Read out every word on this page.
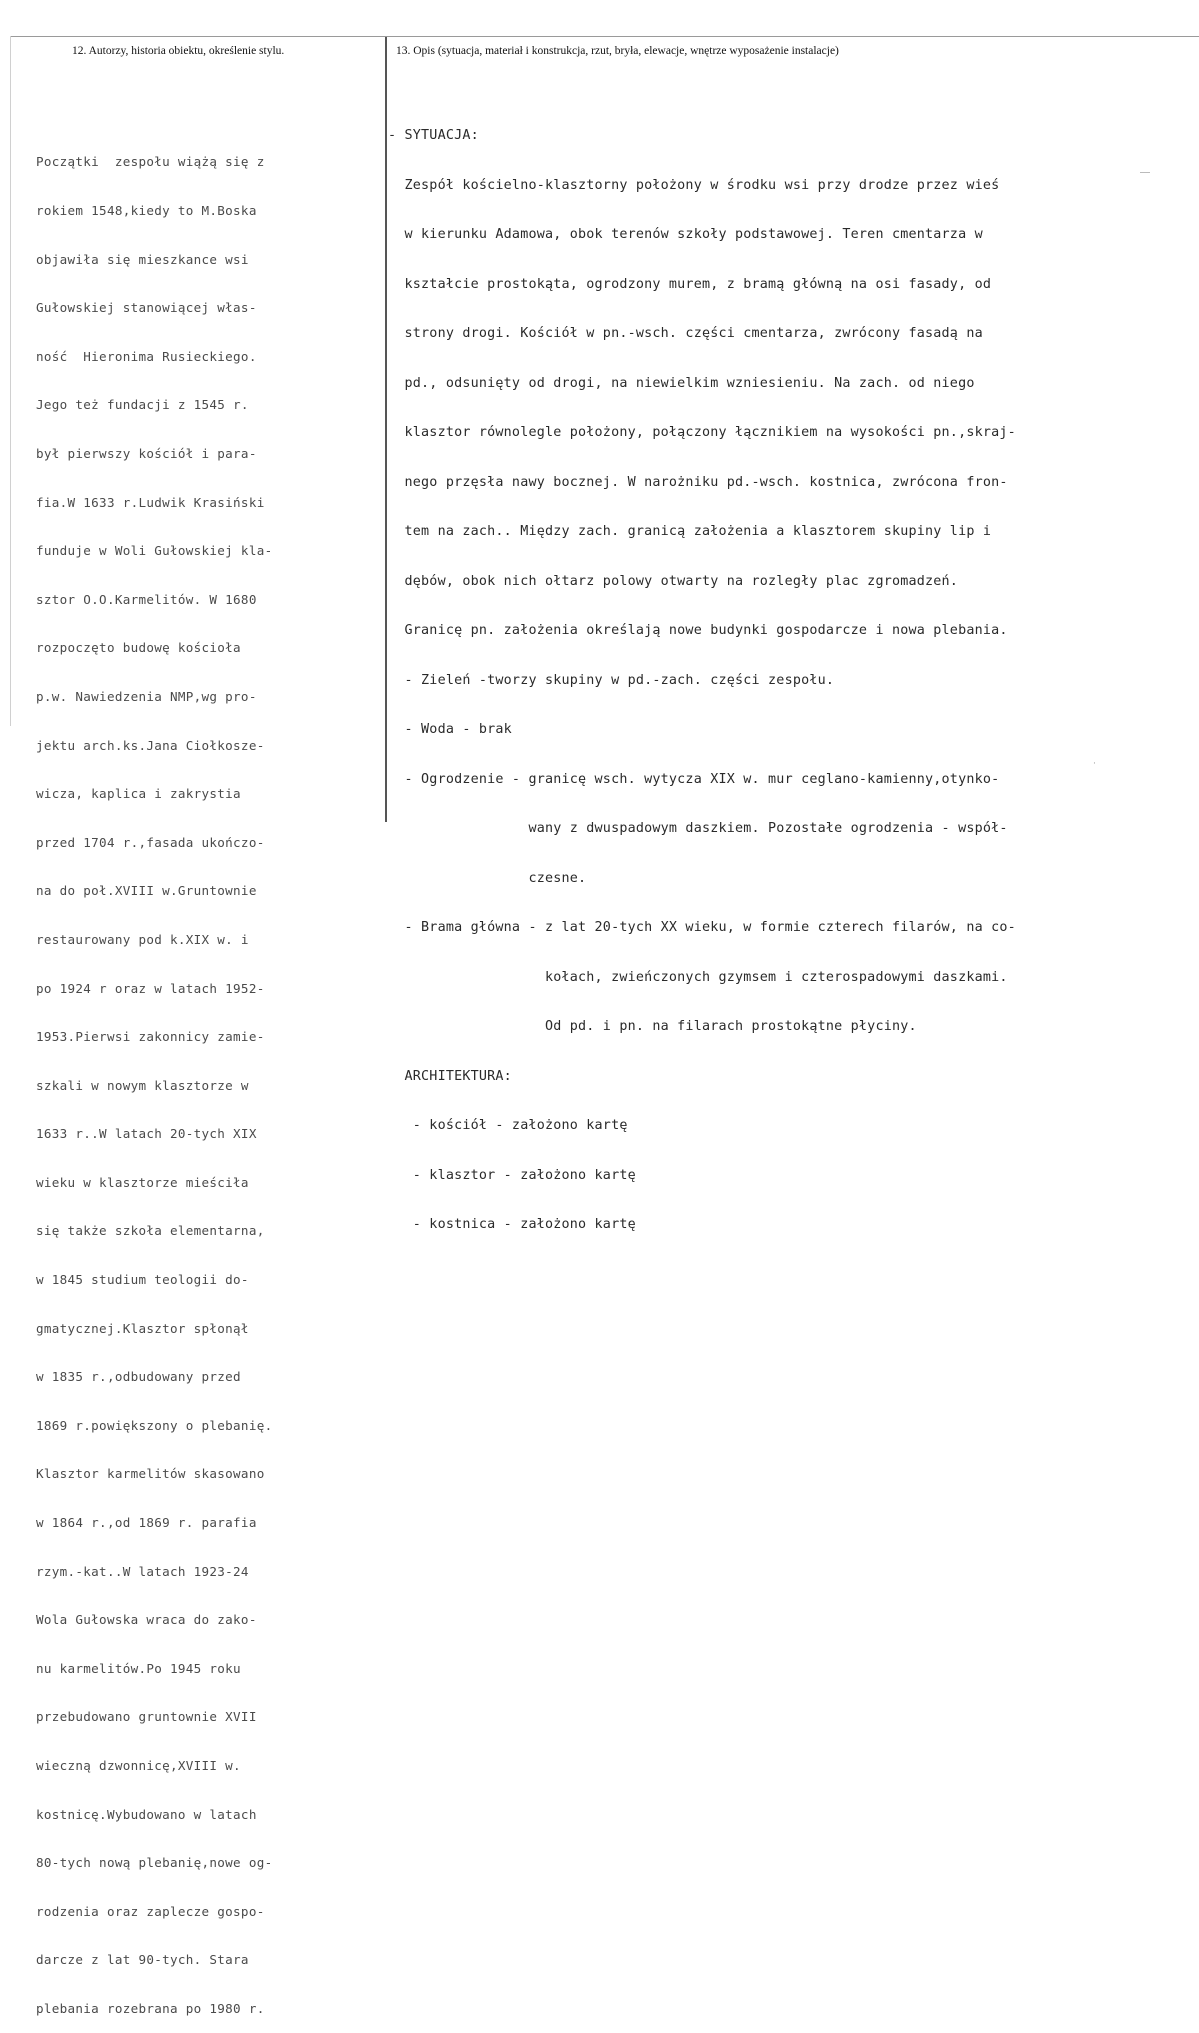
12. Autorzy, historia obiektu, określenie stylu.	13. Opis (sytuacja, materiał i konstrukcja, rzut, bryła, elewacje, wnętrze wyposażenie instalacje)

Początki  zespołu wiążą się z

rokiem 1548,kiedy to M.Boska

objawiła się mieszkance wsi

Gułowskiej stanowiącej włas-

ność  Hieronima Rusieckiego.

Jego też fundacji z 1545 r.

był pierwszy kościół i para-

fia.W 1633 r.Ludwik Krasiński

funduje w Woli Gułowskiej kla-

sztor O.O.Karmelitów. W 1680

rozpoczęto budowę kościoła

p.w. Nawiedzenia NMP,wg pro-

jektu arch.ks.Jana Ciołkosze-

wicza, kaplica i zakrystia

przed 1704 r.,fasada ukończo-

na do poł.XVIII w.Gruntownie

restaurowany pod k.XIX w. i

po 1924 r oraz w latach 1952-

1953.Pierwsi zakonnicy zamie-

szkali w nowym klasztorze w

1633 r..W latach 20-tych XIX

wieku w klasztorze mieściła

się także szkoła elementarna,

w 1845 studium teologii do-

gmatycznej.Klasztor spłonął

w 1835 r.,odbudowany przed

1869 r.powiększony o plebanię.

Klasztor karmelitów skasowano

w 1864 r.,od 1869 r. parafia

rzym.-kat..W latach 1923-24

Wola Gułowska wraca do zako-

nu karmelitów.Po 1945 roku

przebudowano gruntownie XVII

wieczną dzwonnicę,XVIII w.

kostnicę.Wybudowano w latach

80-tych nową plebanię,nowe og-

rodzenia oraz zaplecze gospo-

darcze z lat 90-tych. Stara

plebania rozebrana po 1980 r.

- SYTUACJA:

Zespół kościelno-klasztorny położony w środku wsi przy drodze przez wieś

w kierunku Adamowa, obok terenów szkoły podstawowej. Teren cmentarza w

kształcie prostokąta, ogrodzony murem, z bramą główną na osi fasady, od

strony drogi. Kościół w pn.-wsch. części cmentarza, zwrócony fasadą na

pd., odsunięty od drogi, na niewielkim wzniesieniu. Na zach. od niego

klasztor równolegle położony, połączony łącznikiem na wysokości pn.,skraj-

nego przęsła nawy bocznej. W narożniku pd.-wsch. kostnica, zwrócona fron-

tem na zach.. Między zach. granicą założenia a klasztorem skupiny lip i

dębów, obok nich ołtarz polowy otwarty na rozległy plac zgromadzeń.

Granicę pn. założenia określają nowe budynki gospodarcze i nowa plebania.

- Zieleń -tworzy skupiny w pd.-zach. części zespołu.

- Woda - brak

- Ogrodzenie - granicę wsch. wytycza XIX w. mur ceglano-kamienny,otynko-

wany z dwuspadowym daszkiem. Pozostałe ogrodzenia - współ-

czesne.

- Brama główna - z lat 20-tych XX wieku, w formie czterech filarów, na co-

kołach, zwieńczonych gzymsem i czterospadowymi daszkami.

Od pd. i pn. na filarach prostokątne płyciny.

ARCHITEKTURA:

- kościół - założono kartę

- klasztor - założono kartę

- kostnica - założono kartę

·
